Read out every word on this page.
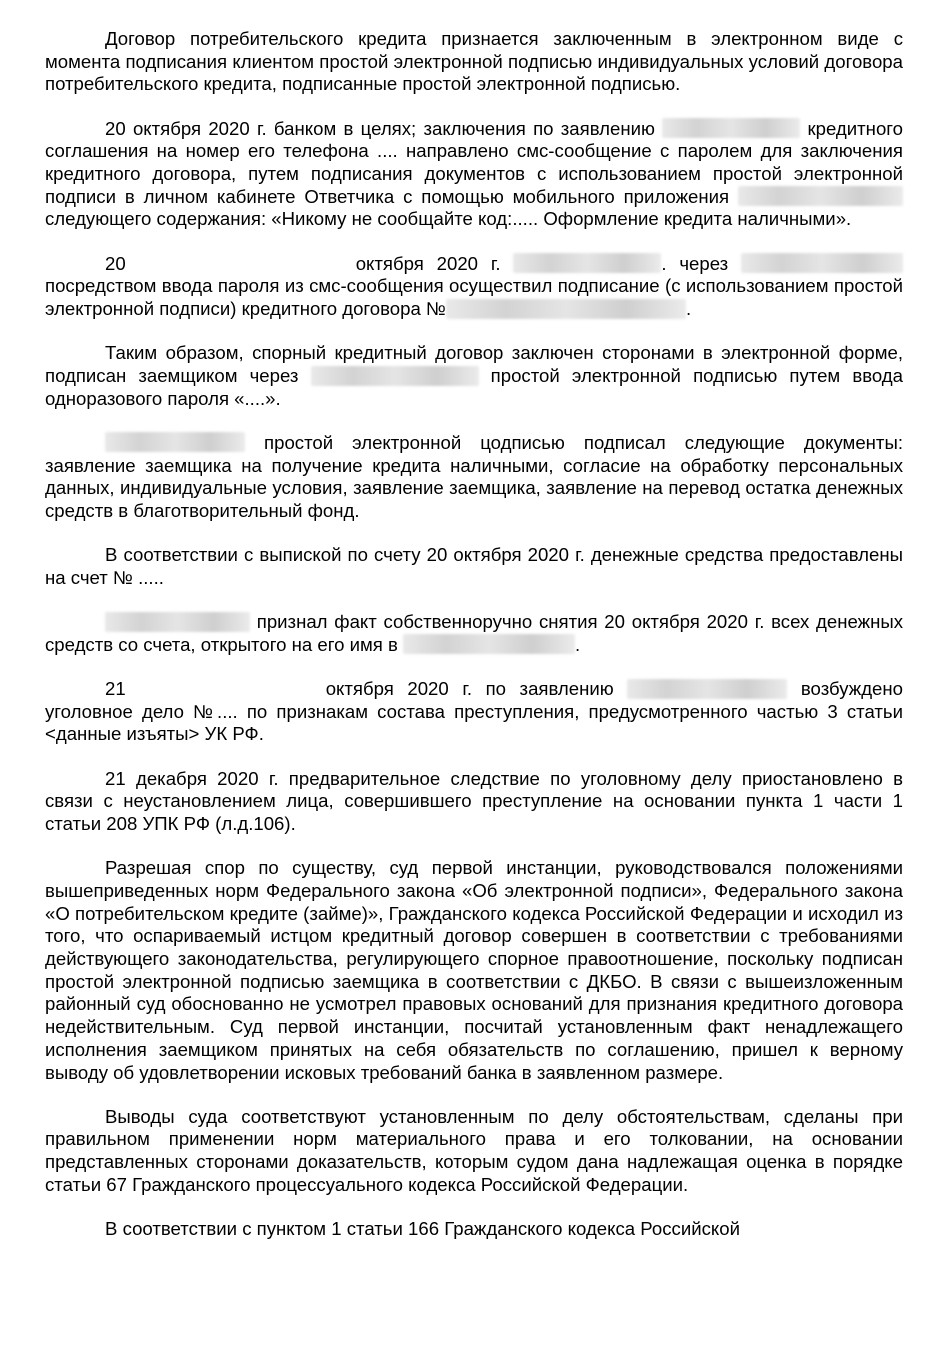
Договор потребительского кредита признается заключенным в электронном виде с момента подписания клиентом простой электронной подписью индивидуальных условий договора потребительского кредита, подписанные простой электронной подписью.

20 октября 2020 г. банком в целях; заключения по заявлению	кредитного соглашения на номер его телефона .... направлено смс-сообщение с паролем для заключения кредитного договора, путем подписания документов с использованием простой электронной подписи в личном кабинете Ответчика с помощью мобильного приложения  следующего содержания: «Никому не сообщайте код:..... Оформление кредита наличными».

20	октября 2020 г.	. через  посредством ввода пароля из смс-сообщения осуществил подписание (с использованием простой электронной подписи) кредитного договора №	.

Таким образом, спорный кредитный договор заключен сторонами в электронной форме, подписан заемщиком через	простой электронной подписью путем ввода одноразового пароля «....».

простой электронной цодписью подписал следующие документы: заявление заемщика на получение кредита наличными, согласие на обработку персональных данных, индивидуальные условия, заявление заемщика, заявление на перевод остатка денежных средств в благотворительный фонд.

В соответствии с выпиской по счету 20 октября 2020 г. денежные средства предоставлены на счет № .....

признал факт собственноручно снятия 20 октября 2020 г. всех денежных средств со счета, открытого на его имя в	.

21	октября 2020 г. по заявлению	возбуждено уголовное дело №.... по признакам состава преступления, предусмотренного частью 3 статьи <данные изъяты> УК РФ.

21 декабря 2020 г. предварительное следствие по уголовному делу приостановлено в связи с неустановлением лица, совершившего преступление на основании пункта 1 части 1 статьи 208 УПК РФ (л.д.106).

Разрешая спор по существу, суд первой инстанции, руководствовался положениями вышеприведенных норм Федерального закона «Об электронной подписи», Федерального закона «О потребительском кредите (займе)», Гражданского кодекса Российской Федерации и исходил из того, что оспариваемый истцом кредитный договор совершен в соответствии с требованиями действующего законодательства, регулирующего спорное правоотношение, поскольку подписан простой электронной подписью заемщика в соответствии с ДКБО. В связи с вышеизложенным районный суд обоснованно не усмотрел правовых оснований для признания кредитного договора недействительным. Суд первой инстанции, посчитай установленным факт ненадлежащего исполнения заемщиком принятых на себя обязательств по соглашению, пришел к верному выводу об удовлетворении исковых требований банка в заявленном размере.

Выводы суда соответствуют установленным по делу обстоятельствам, сделаны при правильном применении норм материального права и его толковании, на основании представленных сторонами доказательств, которым судом дана надлежащая оценка в порядке статьи 67 Гражданского процессуального кодекса Российской Федерации.

В соответствии с пунктом 1 статьи 166 Гражданского кодекса Российской
